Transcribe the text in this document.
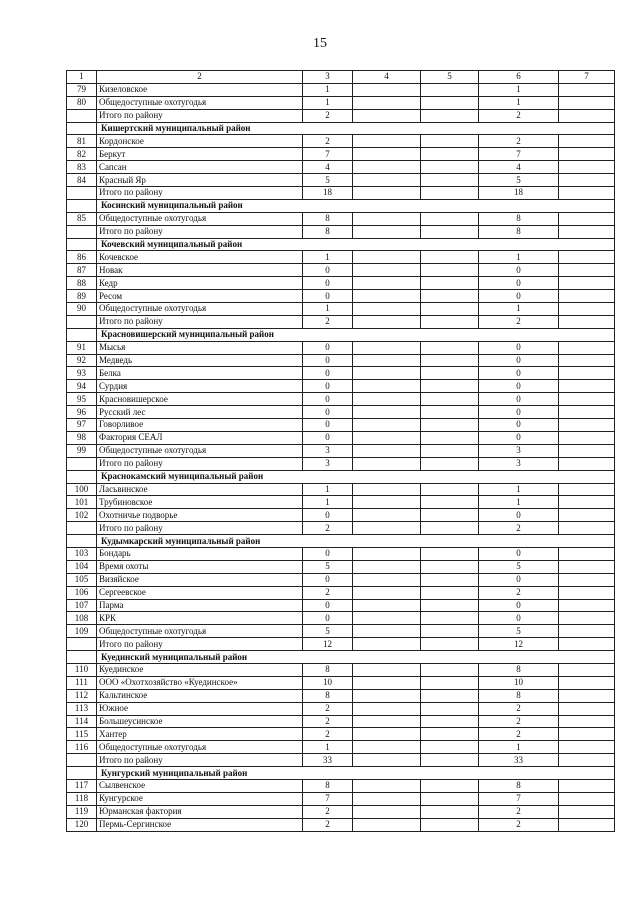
15
1	2	3	4	5	6	7
79	Кизеловское	1			1	
80	Общедоступные охотугодья	1			1	
	Итого по району	2			2	
	Кишертский муниципальный район					
81	Кордонское	2			2	
82	Беркут	7			7	
83	Сапсан	4			4	
84	Красный Яр	5			5	
	Итого по району	18			18	
	Косинский муниципальный район					
85	Общедоступные охотугодья	8			8	
	Итого по району	8			8	
	Кочевский муниципальный район					
86	Кочевское	1			1	
87	Новак	0			0	
88	Кедр	0			0	
89	Ресом	0			0	
90	Общедоступные охотугодья	1			1	
	Итого по району	2			2	
	Красновишерский муниципальный район					
91	Мысья	0			0	
92	Медведь	0			0	
93	Белка	0			0	
94	Сурдия	0			0	
95	Красновишерское	0			0	
96	Русский лес	0			0	
97	Говорливое	0			0	
98	Фактория СЕАЛ	0			0	
99	Общедоступные охотугодья	3			3	
	Итого по району	3			3	
	Краснокамский муниципальный район					
100	Ласьвинское	1			1	
101	Трубиновское	1			1	
102	Охотничье подворье	0			0	
	Итого по району	2			2	
	Кудымкарский муниципальный район					
103	Бондарь	0			0	
104	Время охоты	5			5	
105	Визяйское	0			0	
106	Сергеевское	2			2	
107	Парма	0			0	
108	КРК	0			0	
109	Общедоступные охотугодья	5			5	
	Итого по району	12			12	
	Куединский муниципальный район					
110	Куединское	8			8	
111	ООО «Охотхозяйство «Куединское»	10			10	
112	Кальтинское	8			8	
113	Южное	2			2	
114	Большеусинское	2			2	
115	Хантер	2			2	
116	Общедоступные охотугодья	1			1	
	Итого по району	33			33	
	Кунгурский муниципальный район					
117	Сылвенское	8			8	
118	Кунгурское	7			7	
119	Юрманская фактория	2			2	
120	Пермь-Сергинское	2			2	
